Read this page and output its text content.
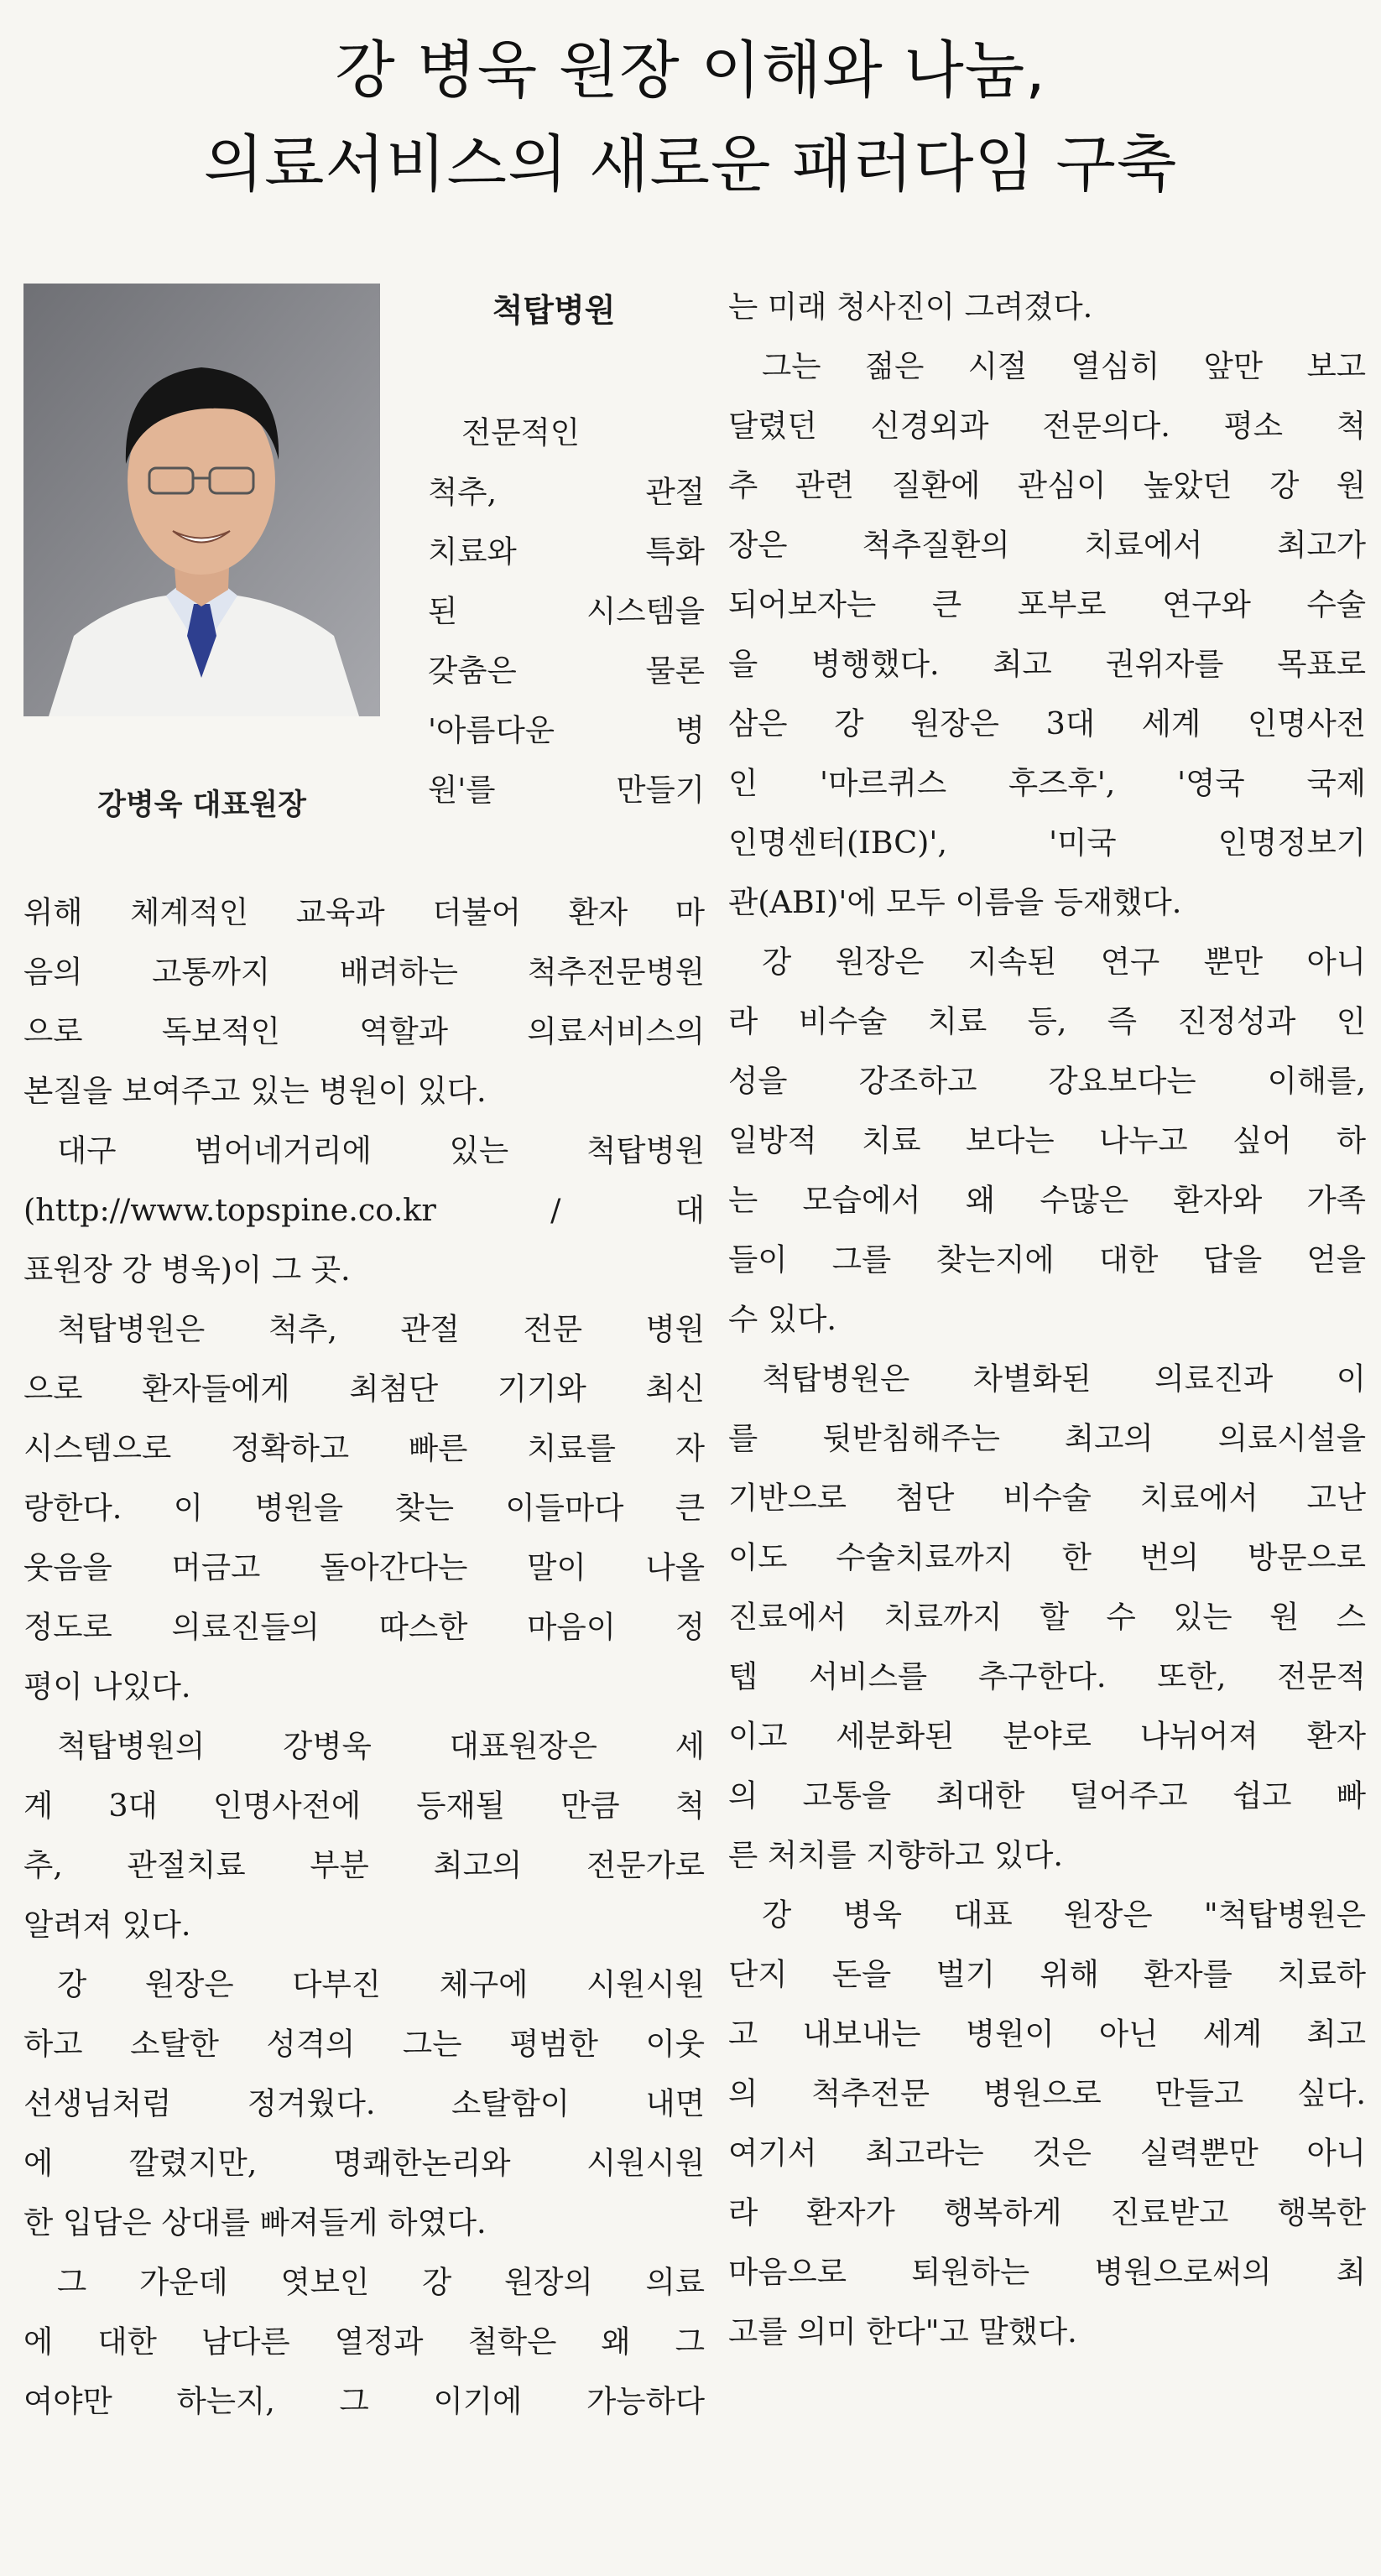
강 병욱 원장 이해와 나눔,
의료서비스의 새로운 패러다임 구축
강병욱 대표원장
척탑병원
전문적인
척추, 관절
치료와 특화
된 시스템을
갖춤은 물론
'아름다운 병
원'를 만들기
위해 체계적인 교육과 더불어 환자 마
음의 고통까지 배려하는 척추전문병원
으로 독보적인 역할과 의료서비스의
본질을 보여주고 있는 병원이 있다.
대구 범어네거리에 있는 척탑병원
(http://www.topspine.co.kr / 대
표원장 강 병욱)이 그 곳.
척탑병원은 척추, 관절 전문 병원
으로 환자들에게 최첨단 기기와 최신
시스템으로 정확하고 빠른 치료를 자
랑한다. 이 병원을 찾는 이들마다 큰
웃음을 머금고 돌아간다는 말이 나올
정도로 의료진들의 따스한 마음이 정
평이 나있다.
척탑병원의 강병욱 대표원장은 세
계 3대 인명사전에 등재될 만큼 척
추, 관절치료 부분 최고의 전문가로
알려져 있다.
강 원장은 다부진 체구에 시원시원
하고 소탈한 성격의 그는 평범한 이웃
선생님처럼 정겨웠다. 소탈함이 내면
에 깔렸지만, 명쾌한논리와 시원시원
한 입담은 상대를 빠져들게 하였다.
그 가운데 엿보인 강 원장의 의료
에 대한 남다른 열정과 철학은 왜 그
여야만 하는지, 그 이기에 가능하다
는 미래 청사진이 그려졌다.
그는 젊은 시절 열심히 앞만 보고
달렸던 신경외과 전문의다. 평소 척
추 관련 질환에 관심이 높았던 강 원
장은 척추질환의 치료에서 최고가
되어보자는 큰 포부로 연구와 수술
을 병행했다. 최고 권위자를 목표로
삼은 강 원장은 3대 세계 인명사전
인 '마르퀴스 후즈후', '영국 국제
인명센터(IBC)', '미국 인명정보기
관(ABI)'에 모두 이름을 등재했다.
강 원장은 지속된 연구 뿐만 아니
라 비수술 치료 등, 즉 진정성과 인
성을 강조하고 강요보다는 이해를,
일방적 치료 보다는 나누고 싶어 하
는 모습에서 왜 수많은 환자와 가족
들이 그를 찾는지에 대한 답을 얻을
수 있다.
척탑병원은 차별화된 의료진과 이
를 뒷받침해주는 최고의 의료시설을
기반으로 첨단 비수술 치료에서 고난
이도 수술치료까지 한 번의 방문으로
진료에서 치료까지 할 수 있는 원 스
텝 서비스를 추구한다. 또한, 전문적
이고 세분화된 분야로 나뉘어져 환자
의 고통을 최대한 덜어주고 쉽고 빠
른 처치를 지향하고 있다.
강 병욱 대표 원장은 "척탑병원은
단지 돈을 벌기 위해 환자를 치료하
고 내보내는 병원이 아닌 세계 최고
의 척추전문 병원으로 만들고 싶다.
여기서 최고라는 것은 실력뿐만 아니
라 환자가 행복하게 진료받고 행복한
마음으로 퇴원하는 병원으로써의 최
고를 의미 한다"고 말했다.
